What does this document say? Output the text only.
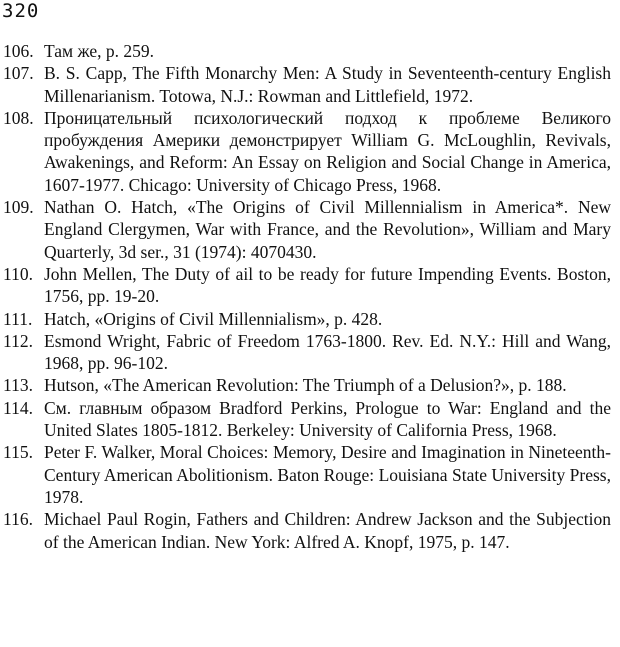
320
106. Там же, р. 259.
107. B. S. Capp, The Fifth Monarchy Men: A Study in Seventeenth-century English Millenarianism. Totowa, N.J.: Rowman and Littlefield, 1972.
108. Проницательный психологический подход к проблеме Великого пробуждения Америки демонстрирует William G. McLoughlin, Revivals, Awakenings, and Reform: An Essay on Religion and Social Change in America, 1607-1977. Chicago: University of Chicago Press, 1968.
109. Nathan O. Hatch, «The Origins of Civil Millennialism in America*. New England Clergymen, War with France, and the Revolution», William and Mary Quarterly, 3d ser., 31 (1974): 4070430.
110. John Mellen, The Duty of ail to be ready for future Impending Events. Boston, 1756, pp. 19-20.
111. Hatch, «Origins of Civil Millennialism», p. 428.
112. Esmond Wright, Fabric of Freedom 1763-1800. Rev. Ed. N.Y.: Hill and Wang, 1968, pp. 96-102.
113. Hutson, «The American Revolution: The Triumph of a Delusion?», p. 188.
114. См. главным образом Bradford Perkins, Prologue to War: England and the United Slates 1805-1812. Berkeley: University of California Press, 1968.
115. Peter F. Walker, Moral Choices: Memory, Desire and Imagination in Nineteenth-Century American Abolitionism. Baton Rouge: Louisiana State University Press, 1978.
116. Michael Paul Rogin, Fathers and Children: Andrew Jackson and the Subjection of the American Indian. New York: Alfred A. Knopf, 1975, р. 147.
